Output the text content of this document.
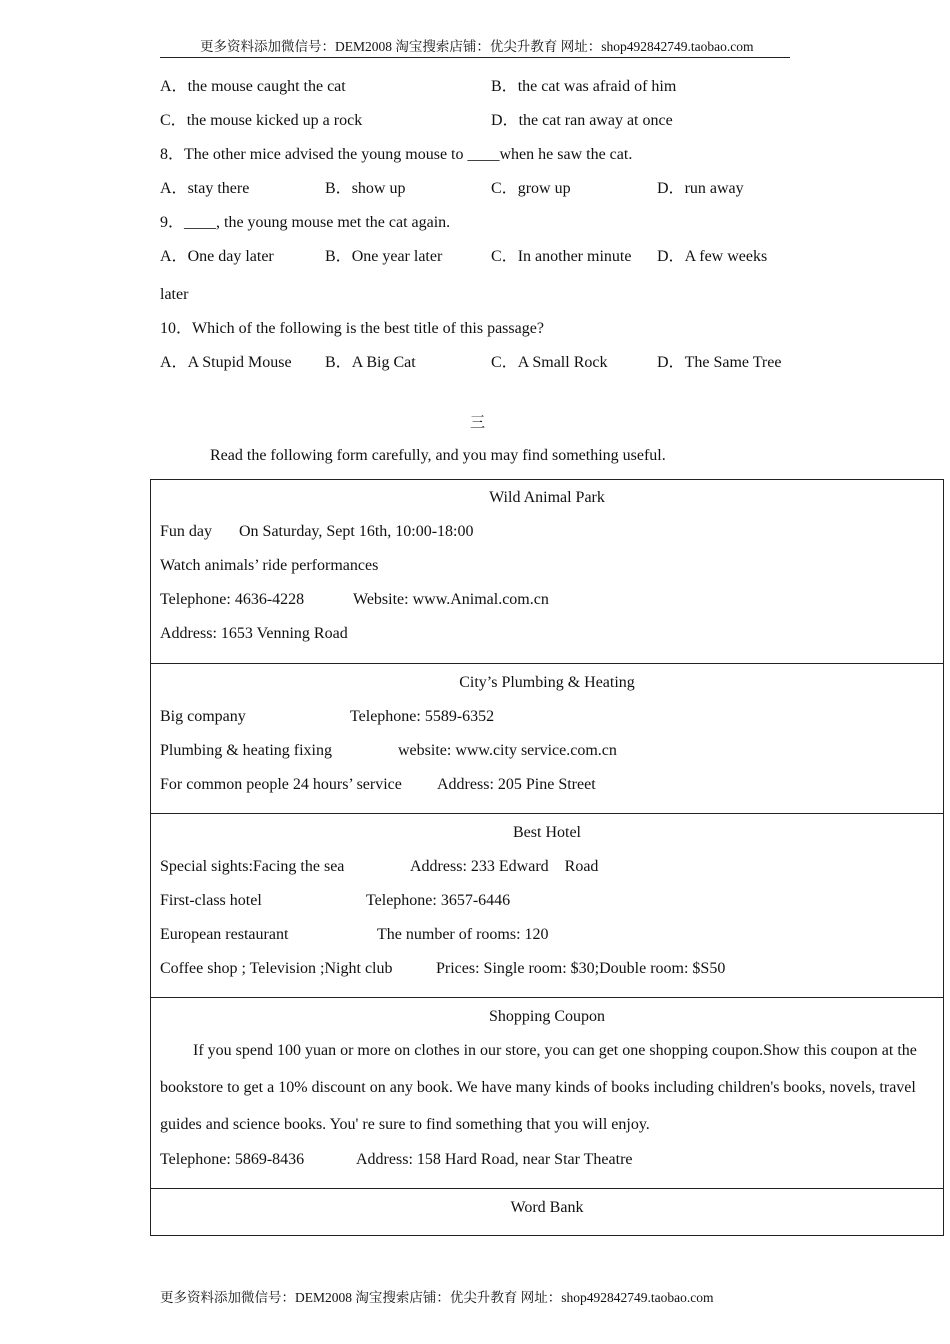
更多资料添加微信号：DEM2008 淘宝搜索店铺：优尖升教育 网址：shop492842749.taobao.com
A．the mouse caught the cat	B．the cat was afraid of him
C．the mouse kicked up a rock	D．the cat ran away at once
8．The other mice advised the young mouse to ____when he saw the cat.
A．stay there	B．show up	C．grow up	D．run away
9．____, the young mouse met the cat again.
A．One day later	B．One year later	C．In another minute D．A few weeks
later
10．Which of the following is the best title of this passage?
A．A Stupid Mouse B．A Big Cat	C．A Small Rock	D．The Same Tree
三
Read the following form carefully, and you may find something useful.
Wild Animal Park
Fun day On Saturday, Sept 16th, 10:00-18:00
Watch animals’ ride performances
Telephone: 4636-4228	Website: www.Animal.com.cn
Address: 1653 Venning Road
City’s Plumbing & Heating
Big company	Telephone: 5589-6352
Plumbing & heating fixing	website: www.city service.com.cn
For common people 24 hours’ service Address: 205 Pine Street
Best Hotel
Special sights:Facing the sea	Address: 233 Edward    Road
First-class hotel	Telephone: 3657-6446
European restaurant	The number of rooms: 120
Coffee shop ; Television ;Night club	Prices: Single room: $30;Double room: $S50
Shopping Coupon
If you spend 100 yuan or more on clothes in our store, you can get one shopping coupon.Show this coupon at the bookstore to get a 10% discount on any book. We have many kinds of books including children's books, novels, travel guides and science books. You' re sure to find something that you will enjoy.
Telephone: 5869-8436	Address: 158 Hard Road, near Star Theatre
Word Bank
更多资料添加微信号：DEM2008 淘宝搜索店铺：优尖升教育 网址：shop492842749.taobao.com
